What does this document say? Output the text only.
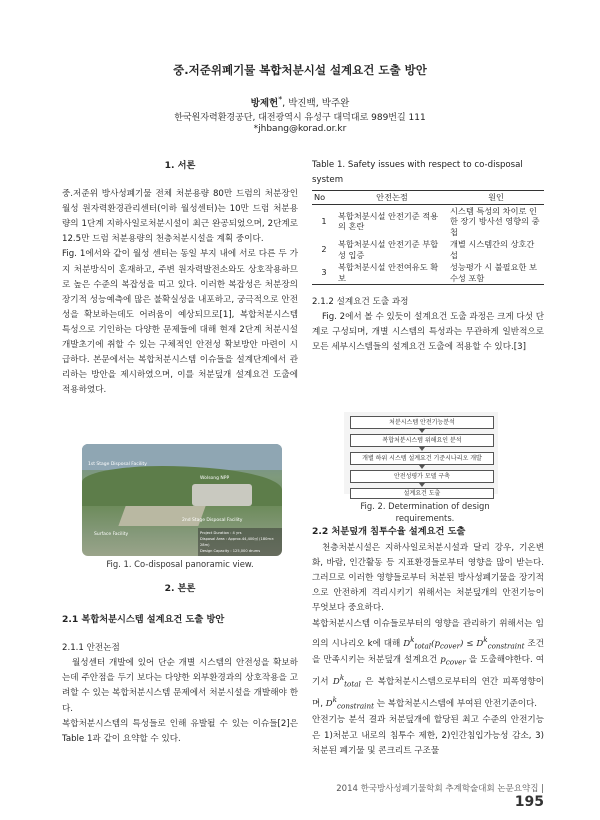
중.저준위폐기물 복합처분시설 설계요건 도출 방안
방제헌*, 박진백, 박주완
한국원자력환경공단, 대전광역시 유성구 대덕대로 989번길 111
*jhbang@korad.or.kr
1. 서론
중.저준위 방사성폐기물 전체 처분용량 80만 드럼의 처분장인 월성 원자력환경관리센터(이하 월성센터)는 10만 드럼 처분용량의 1단계 지하사일로처분시설이 최근 완공되었으며, 2단계로 12.5만 드럼 처분용량의 천층처분시설을 계획 중이다.
Fig. 1에서와 같이 월성 센터는 동일 부지 내에 서로 다른 두 가지 처분방식이 혼재하고, 주변 원자력발전소와도 상호작용하므로 높은 수준의 복잡성을 띠고 있다. 이러한 복잡성은 처분장의 장기적 성능예측에 많은 불확실성을 내포하고, 궁극적으로 안전성을 확보하는데도 어려움이 예상되므로[1], 복합처분시스템 특성으로 기인하는 다양한 문제들에 대해 현재 2단계 처분시설 개발초기에 취할 수 있는 구체적인 안전성 확보방안 마련이 시급하다. 본문에서는 복합처분시스템 이슈들을 설계단계에서 관리하는 방안을 제시하였으며, 이를 처분덮개 설계요건 도출에 적용하였다.
1st Stage Disposal Facility
Wolsong NPP
2nd Stage Disposal Facility
Surface Facility	Project Duration : 4 yrs
Disposal Area : Approx.44,400㎡ (180m× 28m)
Design Capacity : 125,000 drums
Fig. 1. Co-disposal panoramic view.
2. 본론
2.1 복합처분시스템 설계요건 도출 방안
2.1.1 안전논점
월성센터 개발에 있어 단순 개별 시스템의 안전성을 확보하는데 주안점을 두기 보다는 다양한 외부환경과의 상호작용을 고려할 수 있는 복합처분시스템 문제에서 처분시설을 개발해야 한다.
복합처분시스템의 특성들로 인해 유발될 수 있는 이슈들[2]은 Table 1과 같이 요약할 수 있다.
Table 1. Safety issues with respect to co-disposal system
No	안전논점	원인
1	복합처분시설 안전기준 적용의 혼란	시스템 특성의 차이로 인한 장기 방사선 영향의 중첩
2	복합처분시설 안전기준 부합성 입증	개별 시스템간의 상호간섭
3	복합처분시설 안전여유도 확보	성능평가 시 불필요한 보수성 포함
2.1.2 설계요건 도출 과정
Fig. 2에서 볼 수 있듯이 설계요건 도출 과정은 크게 다섯 단계로 구성되며, 개별 시스템의 특성과는 무관하게 일반적으로 모든 세부시스템들의 설계요건 도출에 적용할 수 있다.[3]
처분시스템 안전기능분석
복합처분시스템 위해요인 분석
개별 하위 시스템 설계요건 기준시나리오 개발
안전성평가 모델 구축
설계요건 도출
Fig. 2. Determination of design requirements.
2.2 처분덮개 침투수율 설계요건 도출
천층처분시설은 지하사일로처분시설과 달리 강우, 기온변화, 바람, 인간활동 등 지표환경들로부터 영향을 많이 받는다. 그러므로 이러한 영향들로부터 처분된 방사성폐기물을 장기적으로 안전하게 격리시키기 위해서는 처분덮개의 안전기능이 무엇보다 중요하다.
복합처분시스템 이슈들로부터의 영향을 관리하기 위해서는 임의의 시나리오 k에 대해 $D^k_{total}(p_{cover}) \le D^k_{constraint}$ 조건을 만족시키는 처분덮개 설계요건 $p_{cover}$ 을 도출해야한다. 여기서 $D^k_{total}$ 은 복합처분시스템으로부터의 연간 피폭영향이며, $D^k_{constraint}$ 는 복합처분시스템에 부여된 안전기준이다.
안전기능 분석 결과 처분덮개에 할당된 최고 수준의 안전기능은 1)처분고 내로의 침투수 제한, 2)인간침입가능성 감소, 3)처분된 폐기물 및 콘크리트 구조물
2014 한국방사성폐기물학회 추계학술대회 논문요약집 | 195
